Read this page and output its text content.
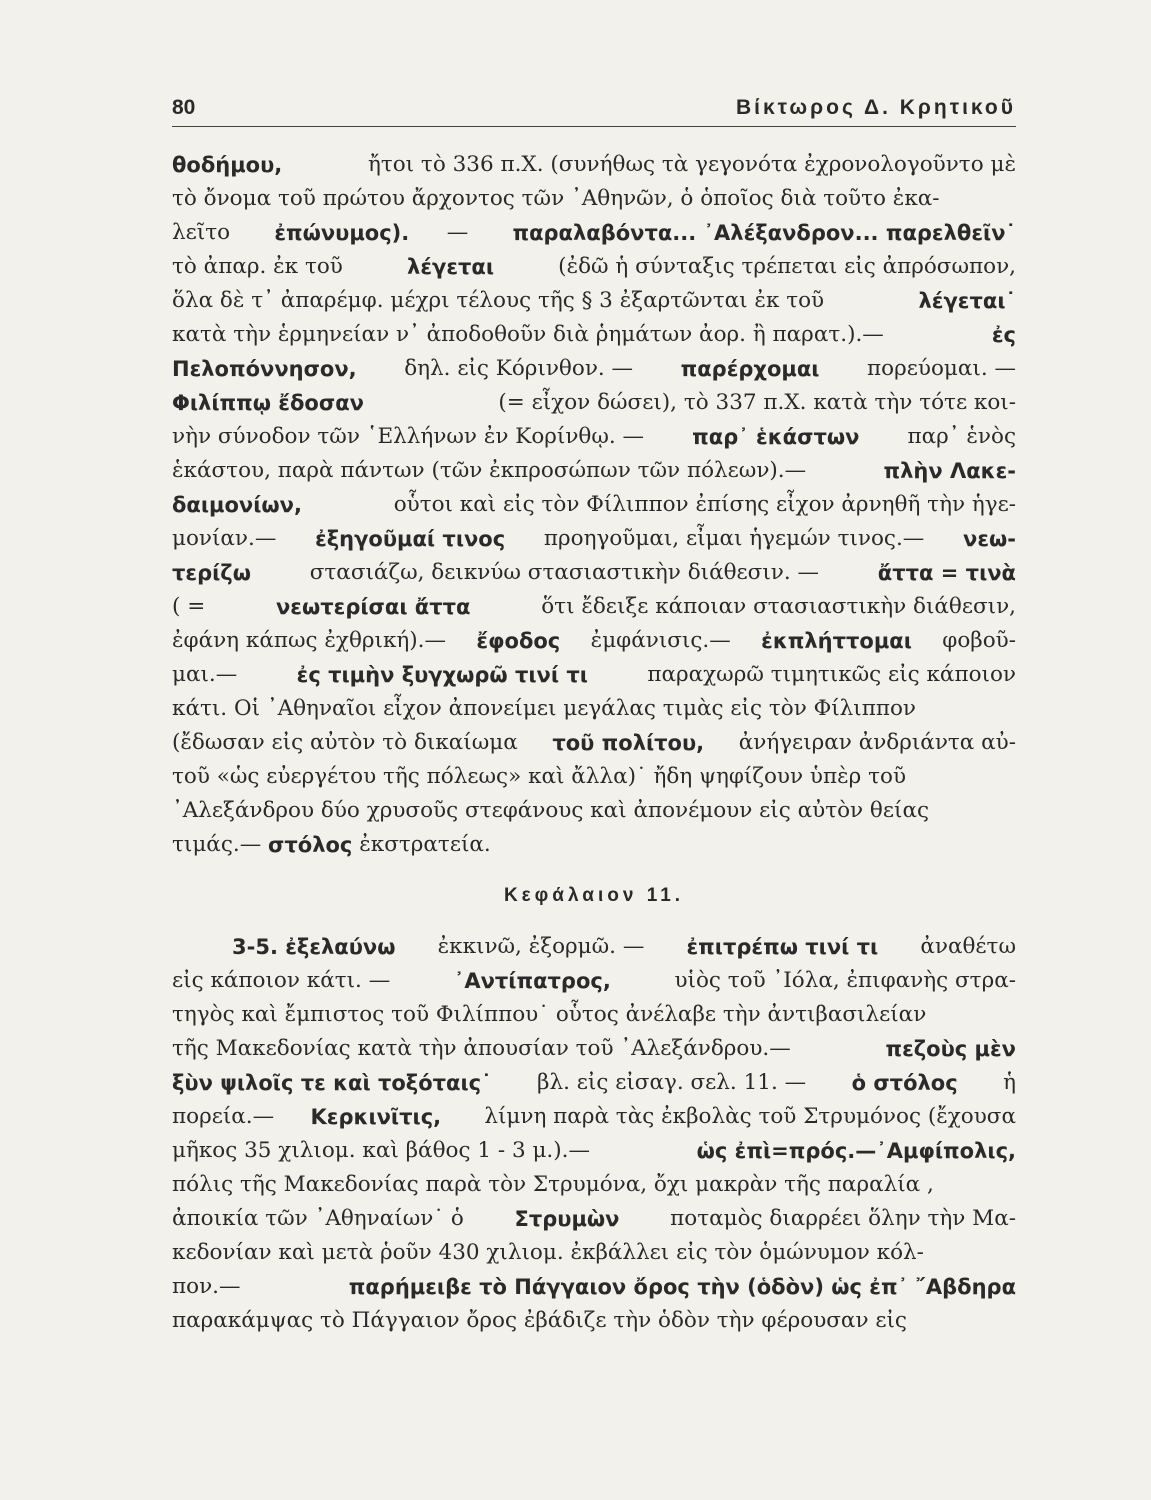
80	Βίκτωρος Δ. Κρητικοῦ
θοδήμου,	ἤτοι τὸ 336 π.Χ. (συνήθως τὰ γεγονότα ἐχρονολογοῦντο μὲ
τὸ ὄνομα τοῦ πρώτου ἄρχοντος τῶν ᾿Αθηνῶν, ὁ ὁποῖος διὰ τοῦτο ἐκα-
λεῖτο ἐπώνυμος). — παραλαβόντα... ᾿Αλέξανδρον... παρελθεῖν˙
τὸ ἀπαρ. ἐκ τοῦ	λέγεται	(ἐδῶ ἡ σύνταξις τρέπεται εἰς ἀπρόσωπον,
ὅλα δὲ τ᾿ ἀπαρέμφ. μέχρι τέλους τῆς § 3 ἐξαρτῶνται ἐκ τοῦ	λέγεται˙
κατὰ τὴν ἑρμηνείαν ν᾿ ἀποδοθοῦν διὰ ῥημάτων ἀορ. ἢ παρατ.).—	ἐς
Πελοπόννησον, δηλ. εἰς Κόρινθον. — παρέρχομαι πορεύομαι. —
Φιλίππῳ ἔδοσαν	(= εἶχον δώσει), τὸ 337 π.Χ. κατὰ τὴν τότε κοι-
νὴν σύνοδον τῶν ῾Ελλήνων ἐν Κορίνθῳ. — παρ᾿ ἑκάστων παρ᾿ ἑνὸς
ἑκάστου, παρὰ πάντων (τῶν ἐκπροσώπων τῶν πόλεων).—	πλὴν Λακε-
δαιμονίων,	οὗτοι καὶ εἰς τὸν Φίλιππον ἐπίσης εἶχον ἀρνηθῆ τὴν ἡγε-
μονίαν.— ἐξηγοῦμαί τινος προηγοῦμαι, εἶμαι ἡγεμών τινος.— νεω-
τερίζω στασιάζω, δεικνύω στασιαστικὴν διάθεσιν. — ἄττα = τινὰ
( =	νεωτερίσαι ἄττα	ὅτι ἔδειξε κάποιαν στασιαστικὴν διάθεσιν,
ἐφάνη κάπως ἐχθρική).— ἔφοδος ἐμφάνισις.— ἐκπλήττομαι φοβοῦ-
μαι.—	ἐς τιμὴν ξυγχωρῶ τινί τι παραχωρῶ τιμητικῶς εἰς κάποιον
κάτι. Οἱ ᾿Αθηναῖοι εἶχον ἀπονείμει μεγάλας τιμὰς εἰς τὸν Φίλιππον
(ἔδωσαν εἰς αὐτὸν τὸ δικαίωμα τοῦ πολίτου, ἀνήγειραν ἀνδριάντα αὐ-
τοῦ «ὡς εὐεργέτου τῆς πόλεως» καὶ ἄλλα)˙ ἤδη ψηφίζουν ὑπὲρ τοῦ
᾿Αλεξάνδρου δύο χρυσοῦς στεφάνους καὶ ἀπονέμουν εἰς αὐτὸν θείας
τιμάς.— στόλος ἐκστρατεία.
Κεφάλαιον 11.
3-5. ἐξελαύνω ἐκκινῶ, ἐξορμῶ. — ἐπιτρέπω τινί τι ἀναθέτω
εἰς κάποιον κάτι. —	᾿Αντίπατρος,	υἱὸς τοῦ ᾿Ιόλα, ἐπιφανὴς στρα-
τηγὸς καὶ ἔμπιστος τοῦ Φιλίππου˙ οὗτος ἀνέλαβε τὴν ἀντιβασιλείαν
τῆς Μακεδονίας κατὰ τὴν ἀπουσίαν τοῦ ᾿Αλεξάνδρου.—	πεζοὺς μὲν
ξὺν ψιλοῖς τε καὶ τοξόταις˙ βλ. εἰς εἰσαγ. σελ. 11. — ὁ στόλος ἡ
πορεία.— Κερκινῖτις, λίμνη παρὰ τὰς ἐκβολὰς τοῦ Στρυμόνος (ἔχουσα
μῆκος 35 χιλιομ. καὶ βάθος 1 - 3 μ.).—	ὡς ἐπὶ=πρός.—᾿Αμφίπολις,
πόλις τῆς Μακεδονίας παρὰ τὸν Στρυμόνα, ὄχι μακρὰν τῆς παραλία ,
ἀποικία τῶν ᾿Αθηναίων˙ ὁ Στρυμὼν ποταμὸς διαρρέει ὅλην τὴν Μα-
κεδονίαν καὶ μετὰ ῥοῦν 430 χιλιομ. ἐκβάλλει εἰς τὸν ὁμώνυμον κόλ-
πον.—	παρήμειβε τὸ Πάγγαιον ὄρος τὴν (ὁδὸν) ὡς ἐπ᾿ ῎Αβδηρα
παρακάμψας τὸ Πάγγαιον ὄρος ἐβάδιζε τὴν ὁδὸν τὴν φέρουσαν εἰς
